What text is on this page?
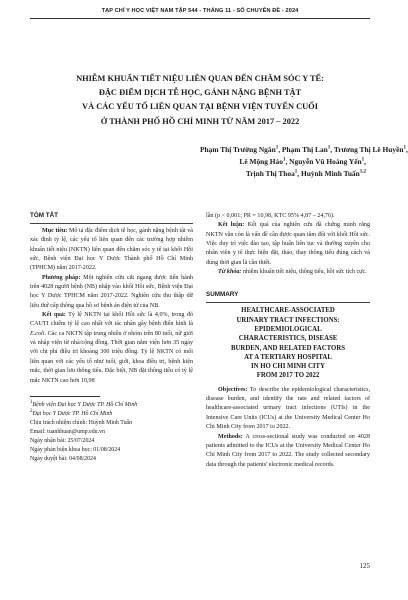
TẠP CHÍ Y HỌC VIỆT NAM TẬP 544 - THÁNG 11 - SỐ CHUYÊN ĐỀ - 2024
NHIỄM KHUẨN TIẾT NIỆU LIÊN QUAN ĐẾN CHĂM SÓC Y TẾ:
ĐẶC ĐIỂM DỊCH TỄ HỌC, GÁNH NẶNG BỆNH TẬT
VÀ CÁC YẾU TỐ LIÊN QUAN TẠI BỆNH VIỆN TUYẾN CUỐI
Ở THÀNH PHỐ HỒ CHÍ MINH TỪ NĂM 2017 – 2022
Phạm Thị Trường Ngân$^1$, Phạm Thị Lan$^1$, Trương Thị Lê Huyền$^1$,
Lê Mộng Hảo$^1$, Nguyễn Vũ Hoàng Yến$^1$,
Trịnh Thị Thoa$^1$, Huỳnh Minh Tuấn$^{1,2}$
TÓM TẮT

Mục tiêu: Mô tả đặc điểm dịch tễ học, gánh nặng bệnh tật và xác định tỷ lệ, các yếu tố liên quan đến các trường hợp nhiễm khuẩn tiết niệu (NKTN) liên quan đến chăm sóc y tế tại khối Hồi sức, Bệnh viện Đại học Y Dược Thành phố Hồ Chí Minh (TPHCM) năm 2017-2022.

Phương pháp: Một nghiên cứu cắt ngang được tiến hành trên 4028 người bệnh (NB) nhập vào khối Hồi sức, Bệnh viện Đại học Y Dược TPHCM năm 2017-2022. Nghiên cứu thu thập dữ liệu thứ cấp thông qua hồ sơ bệnh án điện tử của NB.

Kết quả: Tỷ lệ NKTN tại khối Hồi sức là 4,0%, trong đó CAUTI chiếm tỷ lệ cao nhất với tác nhân gây bệnh điển hình là E.coli. Các ca NKTN tập trung nhiều ở nhóm trên 80 tuổi, nữ giới và nhập viện từ nhà/cộng đồng. Thời gian nằm viện hơn 35 ngày với chi phí điều trị khoảng 300 triệu đồng. Tỷ lệ NKTN có mối liên quan với các yếu tố như tuổi, giới, khoa điều trị, bệnh kiện mắc, thời gian lưu thông tiểu. Đặc biệt, NB đặt thông tiểu có tỷ lệ mắc NKTN cao hơn 10,98

$^1$Bệnh viện Đại học Y Dược TP. Hồ Chí Minh
$^2$Đại học Y Dược TP. Hồ Chí Minh
Chịu trách nhiệm chính: Huỳnh Minh Tuấn
Email: tuanhhuan@ump.edu.vn
Ngày nhận bài: 25/07/2024
Ngày phản biện khoa học: 01/08/2024
Ngày duyệt bài: 04/08/2024

lần (p < 0,001; PR = 10,98, KTC 95% 4,87 – 24,76).

Kết luận: Kết quả của nghiên cứu đã chứng minh rằng NKTN vẫn còn là vấn đề cần được quan tâm đối với khối Hồi sức. Việc duy trì việc đào tạo, tập huấn liên tục và thường xuyên cho nhân viên y tế thực hiện đặt, tháo, thay thông tiểu đúng cách và đúng thời gian là cần thiết.

Từ khóa: nhiễm khuẩn tiết niệu, thông tiểu, hồi sức tích cực.

SUMMARY
HEALTHCARE-ASSOCIATED
URINARY TRACT INFECTIONS:
EPIDEMIOLOGICAL
CHARACTERISTICS, DISEASE
BURDEN, AND RELATED FACTORS
AT A TERTIARY HOSPITAL
IN HO CHI MINH CITY
FROM 2017 TO 2022

Objectives: To describe the epidemiological characteristics, disease burden, and identify the rate and related factors of healthcare-associated urinary tract infections (UTIs) in the Intensive Care Units (ICUs) at the University Medical Center Ho Chi Minh City from 2017 to 2022.

Methods: A cross-sectional study was conducted on 4028 patients admitted to the ICUs at the University Medical Center Ho Chi Minh City from 2017 to 2022. The study collected secondary data through the patients' electronic medical records.

125
